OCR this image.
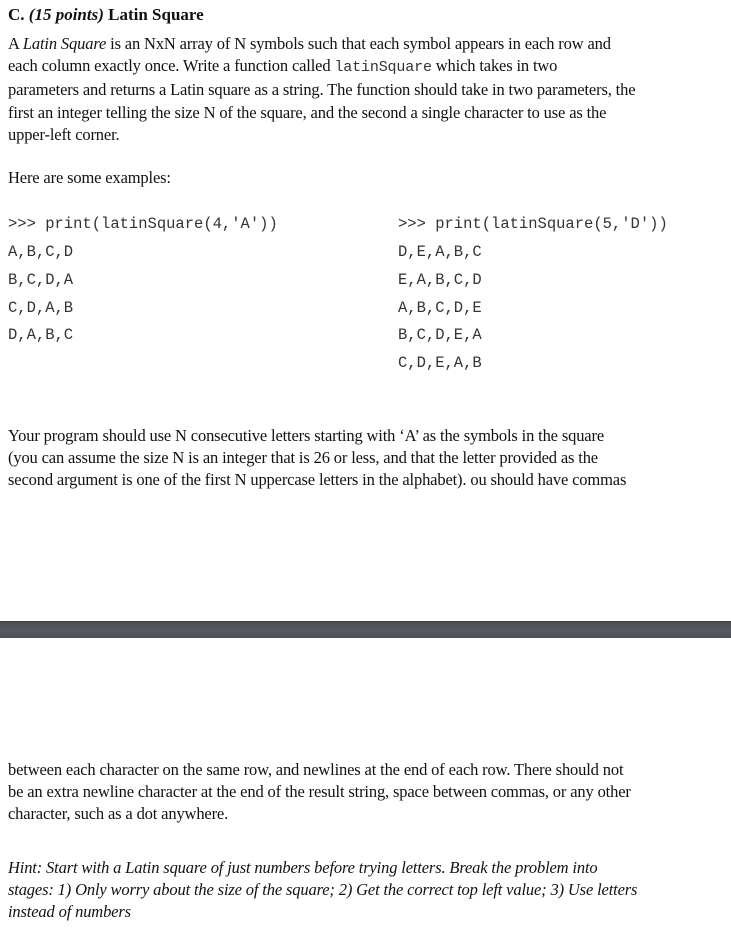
C. (15 points) Latin Square

A Latin Square is an NxN array of N symbols such that each symbol appears in each row and

each column exactly once. Write a function called latinSquare which takes in two

parameters and returns a Latin square as a string. The function should take in two parameters, the

first an integer telling the size N of the square, and the second a single character to use as the

upper-left corner.

Here are some examples:

>>> print(latinSquare(4,'A'))
A,B,C,D
B,C,D,A
C,D,A,B
D,A,B,C
>>> print(latinSquare(5,'D'))
D,E,A,B,C
E,A,B,C,D
A,B,C,D,E
B,C,D,E,A
C,D,E,A,B

Your program should use N consecutive letters starting with ‘A’ as the symbols in the square

(you can assume the size N is an integer that is 26 or less, and that the letter provided as the

second argument is one of the first N uppercase letters in the alphabet). ou should have commas

between each character on the same row, and newlines at the end of each row. There should not

be an extra newline character at the end of the result string, space between commas, or any other

character, such as a dot anywhere.

Hint: Start with a Latin square of just numbers before trying letters. Break the problem into

stages: 1) Only worry about the size of the square; 2) Get the correct top left value; 3) Use letters

instead of numbers
